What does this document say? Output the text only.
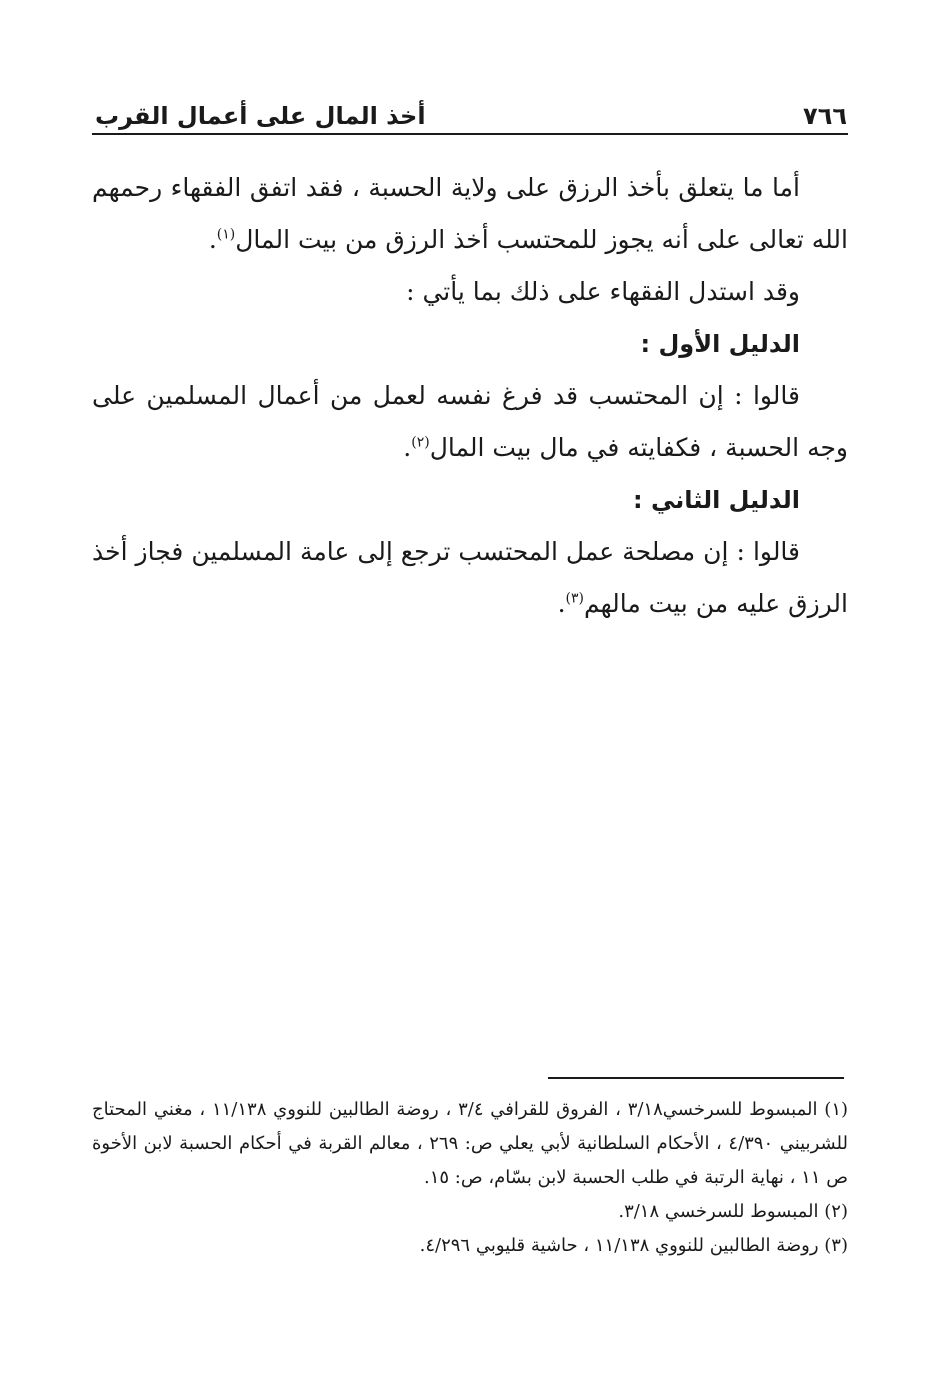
٧٦٦
أخذ المال على أعمال القرب

أما ما يتعلق بأخذ الرزق على ولاية الحسبة ، فقد اتفق الفقهاء رحمهم الله تعالى على أنه يجوز للمحتسب أخذ الرزق من بيت المال$^{(١)}$.

وقد استدل الفقهاء على ذلك بما يأتي :

الدليل الأول :

قالوا : إن المحتسب قد فرغ نفسه لعمل من أعمال المسلمين على وجه الحسبة ، فكفايته في مال بيت المال$^{(٢)}$.

الدليل الثاني :

قالوا : إن مصلحة عمل المحتسب ترجع إلى عامة المسلمين فجاز أخذ الرزق عليه من بيت مالهم$^{(٣)}$.

(١) المبسوط للسرخسي٣/١٨ ، الفروق للقرافي ٣/٤ ، روضة الطالبين للنووي ١١/١٣٨ ، مغني المحتاج للشربيني ٤/٣٩٠ ، الأحكام السلطانية لأبي يعلي ص: ٢٦٩ ، معالم القربة في أحكام الحسبة لابن الأخوة ص ١١ ، نهاية الرتبة في طلب الحسبة لابن بسّام، ص: ١٥.

(٢) المبسوط للسرخسي ٣/١٨.

(٣) روضة الطالبين للنووي ١١/١٣٨ ، حاشية قليوبي ٤/٢٩٦.
